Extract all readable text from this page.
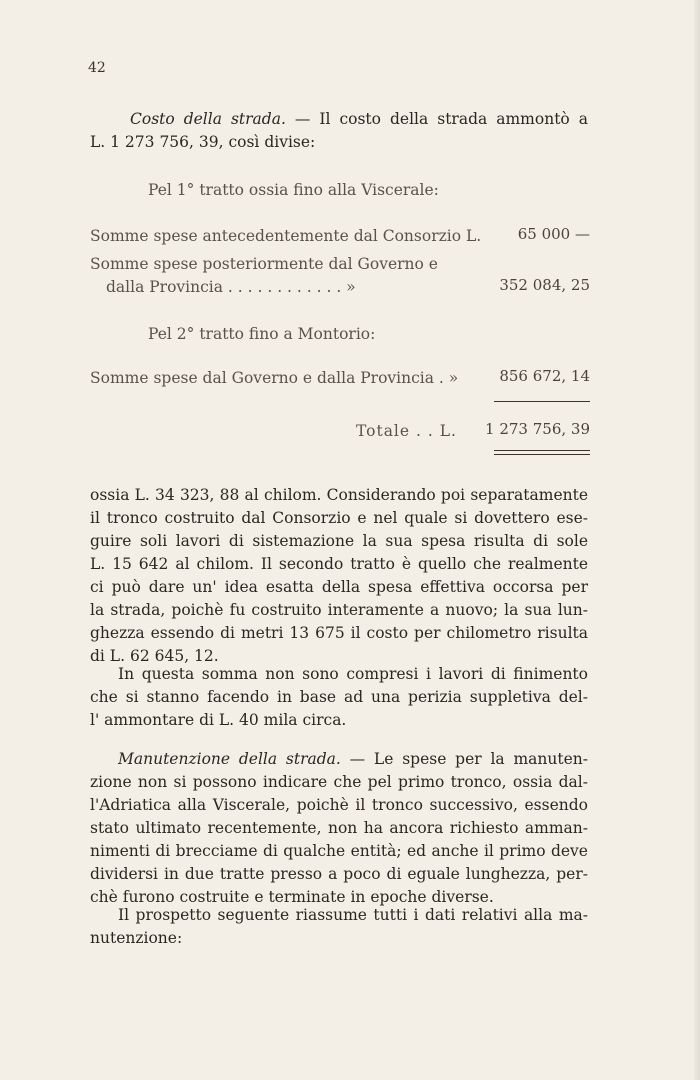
42
Costo della strada. — Il costo della strada ammontò a
L. 1 273 756, 39, così divise:
Pel 1° tratto ossia fino alla Viscerale:
Somme spese antecedentemente dal Consorzio L.	65 000 —
Somme spese posteriormente dal Governo e
dalla Provincia . . . . . . . . . . . . »	352 084, 25
Pel 2° tratto fino a Montorio:
Somme spese dal Governo e dalla Provincia . »	856 672, 14
Totale . . L. 1 273 756, 39
ossia L. 34 323, 88 al chilom. Considerando poi separatamente
il tronco costruito dal Consorzio e nel quale si dovettero ese-
guire soli lavori di sistemazione la sua spesa risulta di sole
L. 15 642 al chilom. Il secondo tratto è quello che realmente
ci può dare un' idea esatta della spesa effettiva occorsa per
la strada, poichè fu costruito interamente a nuovo; la sua lun-
ghezza essendo di metri 13 675 il costo per chilometro risulta
di L. 62 645, 12.
In questa somma non sono compresi i lavori di finimento
che si stanno facendo in base ad una perizia suppletiva del-
l' ammontare di L. 40 mila circa.
Manutenzione della strada. — Le spese per la manuten-
zione non si possono indicare che pel primo tronco, ossia dal-
l'Adriatica alla Viscerale, poichè il tronco successivo, essendo
stato ultimato recentemente, non ha ancora richiesto amman-
nimenti di brecciame di qualche entità; ed anche il primo deve
dividersi in due tratte presso a poco di eguale lunghezza, per-
chè furono costruite e terminate in epoche diverse.
Il prospetto seguente riassume tutti i dati relativi alla ma-
nutenzione:
